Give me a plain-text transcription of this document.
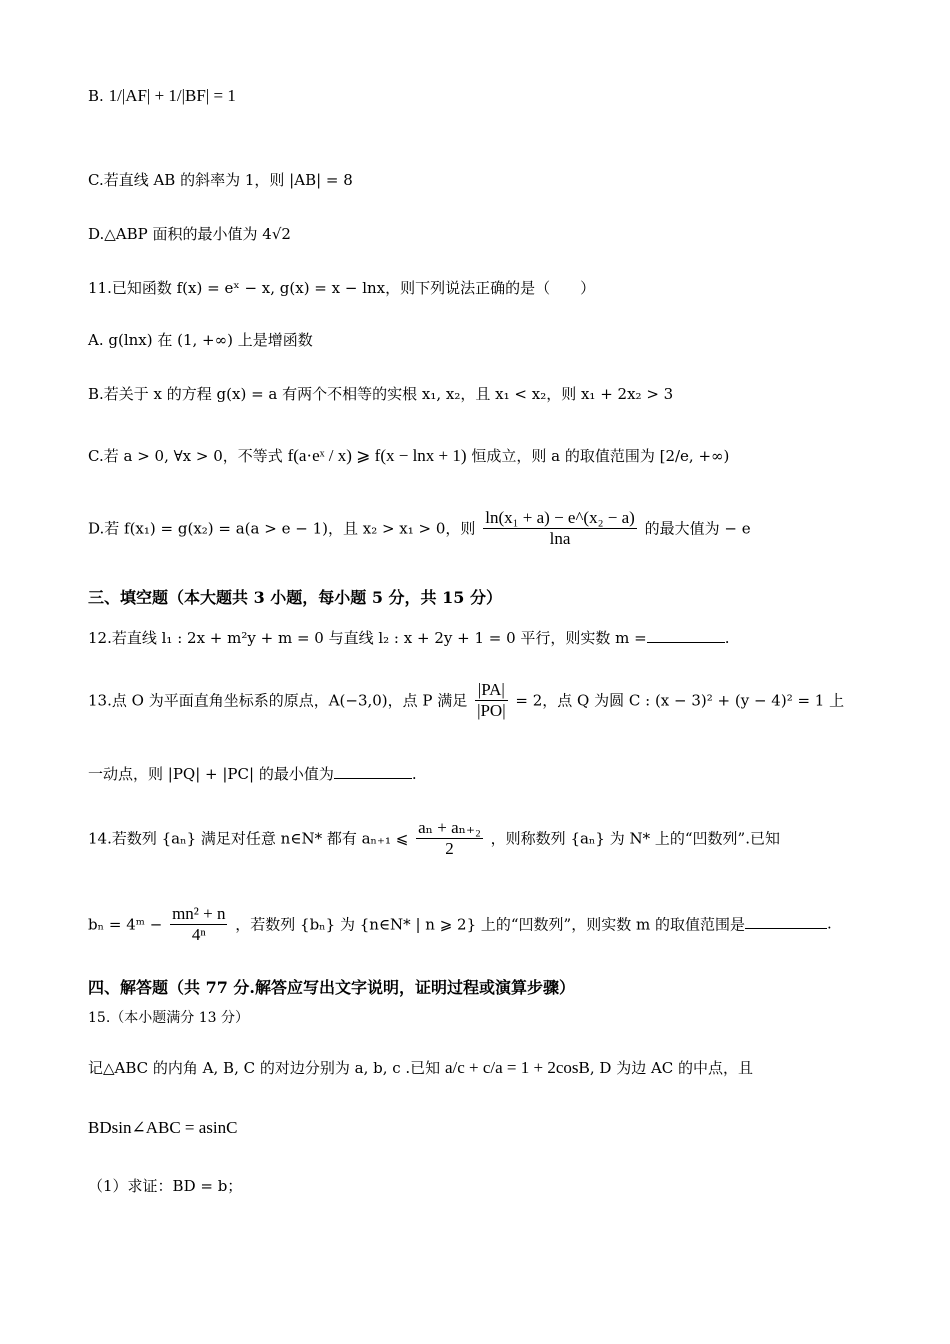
B. 1/|AF| + 1/|BF| = 1
C.若直线 AB 的斜率为 1，则 |AB| = 8
D.△ABP 面积的最小值为 4√2
11.已知函数 f(x) = eˣ − x, g(x) = x − lnx，则下列说法正确的是（　　）
A. g(lnx) 在 (1, +∞) 上是增函数
B.若关于 x 的方程 g(x) = a 有两个不相等的实根 x₁, x₂，且 x₁ < x₂，则 x₁ + 2x₂ > 3
C.若 a > 0, ∀x > 0，不等式 f(a·eˣ / x) ⩾ f(x − lnx + 1) 恒成立，则 a 的取值范围为 [2/e, +∞)
D.若 f(x₁) = g(x₂) = a(a > e − 1)，且 x₂ > x₁ > 0，则 $\frac{\text{ln(x₁ + a) − e\textasciicircum{}(x₂ − a)}}{\ln a}$ 的最大值为 − e
三、填空题（本大题共 3 小题，每小题 5 分，共 15 分）
12.若直线 l₁ : 2x + m²y + m = 0 与直线 l₂ : x + 2y + 1 = 0 平行，则实数 m =	.
13.点 O 为平面直角坐标系的原点，A(−3,0)，点 P 满足 $\frac{|PA|}{|PO|} = 2$，点 Q 为圆 C : (x − 3)² + (y − 4)² = 1 上
一动点，则 |PQ| + |PC| 的最小值为	.
14.若数列 {aₙ} 满足对任意 n∈N* 都有 aₙ₊₁ ⩽ $\frac{\text{aₙ + aₙ₊₂}}{2}$ ，则称数列 {aₙ} 为 N* 上的“凹数列”.已知
bₙ = 4ᵐ − $\frac{\text{mn² + n}}{\text{4ⁿ}}$ ，若数列 {bₙ} 为 {n∈N* | n ⩾ 2} 上的“凹数列”，则实数 m 的取值范围是	.
四、解答题（共 77 分.解答应写出文字说明，证明过程或演算步骤）
15.（本小题满分 13 分）
记△ABC 的内角 A, B, C 的对边分别为 a, b, c .已知 a/c + c/a = 1 + 2cosB, D 为边 AC 的中点，且
BDsin∠ABC = asinC
（1）求证：BD = b；
